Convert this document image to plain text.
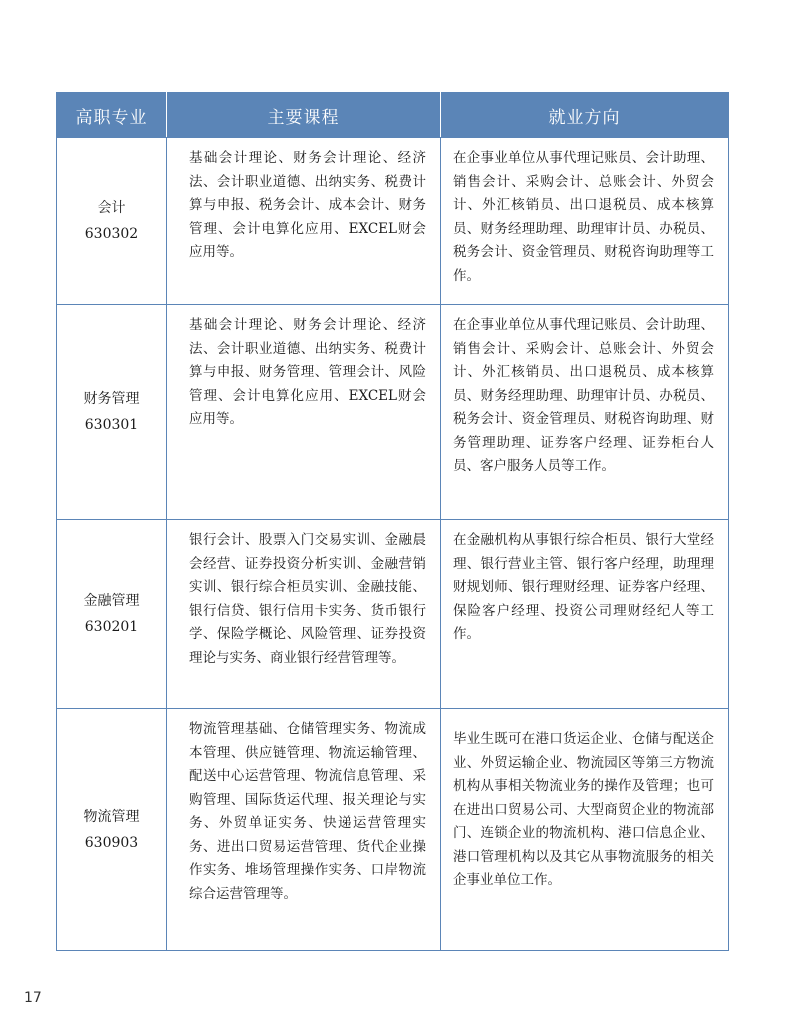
高职专业	主要课程	就业方向

会计
630302	基础会计理论、财务会计理论、经济法、会计职业道德、出纳实务、税费计算与申报、税务会计、成本会计、财务管理、会计电算化应用、EXCEL财会应用等。	在企事业单位从事代理记账员、会计助理、销售会计、采购会计、总账会计、外贸会计、外汇核销员、出口退税员、成本核算员、财务经理助理、助理审计员、办税员、税务会计、资金管理员、财税咨询助理等工作。

财务管理
630301	基础会计理论、财务会计理论、经济法、会计职业道德、出纳实务、税费计算与申报、财务管理、管理会计、风险管理、会计电算化应用、EXCEL财会应用等。	在企事业单位从事代理记账员、会计助理、销售会计、采购会计、总账会计、外贸会计、外汇核销员、出口退税员、成本核算员、财务经理助理、助理审计员、办税员、税务会计、资金管理员、财税咨询助理、财务管理助理、证券客户经理、证券柜台人员、客户服务人员等工作。

金融管理
630201	银行会计、股票入门交易实训、金融晨会经营、证券投资分析实训、金融营销实训、银行综合柜员实训、金融技能、银行信贷、银行信用卡实务、货币银行学、保险学概论、风险管理、证券投资理论与实务、商业银行经营管理等。	在金融机构从事银行综合柜员、银行大堂经理、银行营业主管、银行客户经理，助理理财规划师、银行理财经理、证券客户经理、保险客户经理、投资公司理财经纪人等工作。

物流管理
630903	物流管理基础、仓储管理实务、物流成本管理、供应链管理、物流运输管理、配送中心运营管理、物流信息管理、采购管理、国际货运代理、报关理论与实务、外贸单证实务、快递运营管理实务、进出口贸易运营管理、货代企业操作实务、堆场管理操作实务、口岸物流综合运营管理等。	毕业生既可在港口货运企业、仓储与配送企业、外贸运输企业、物流园区等第三方物流机构从事相关物流业务的操作及管理；也可在进出口贸易公司、大型商贸企业的物流部门、连锁企业的物流机构、港口信息企业、港口管理机构以及其它从事物流服务的相关企事业单位工作。
17
